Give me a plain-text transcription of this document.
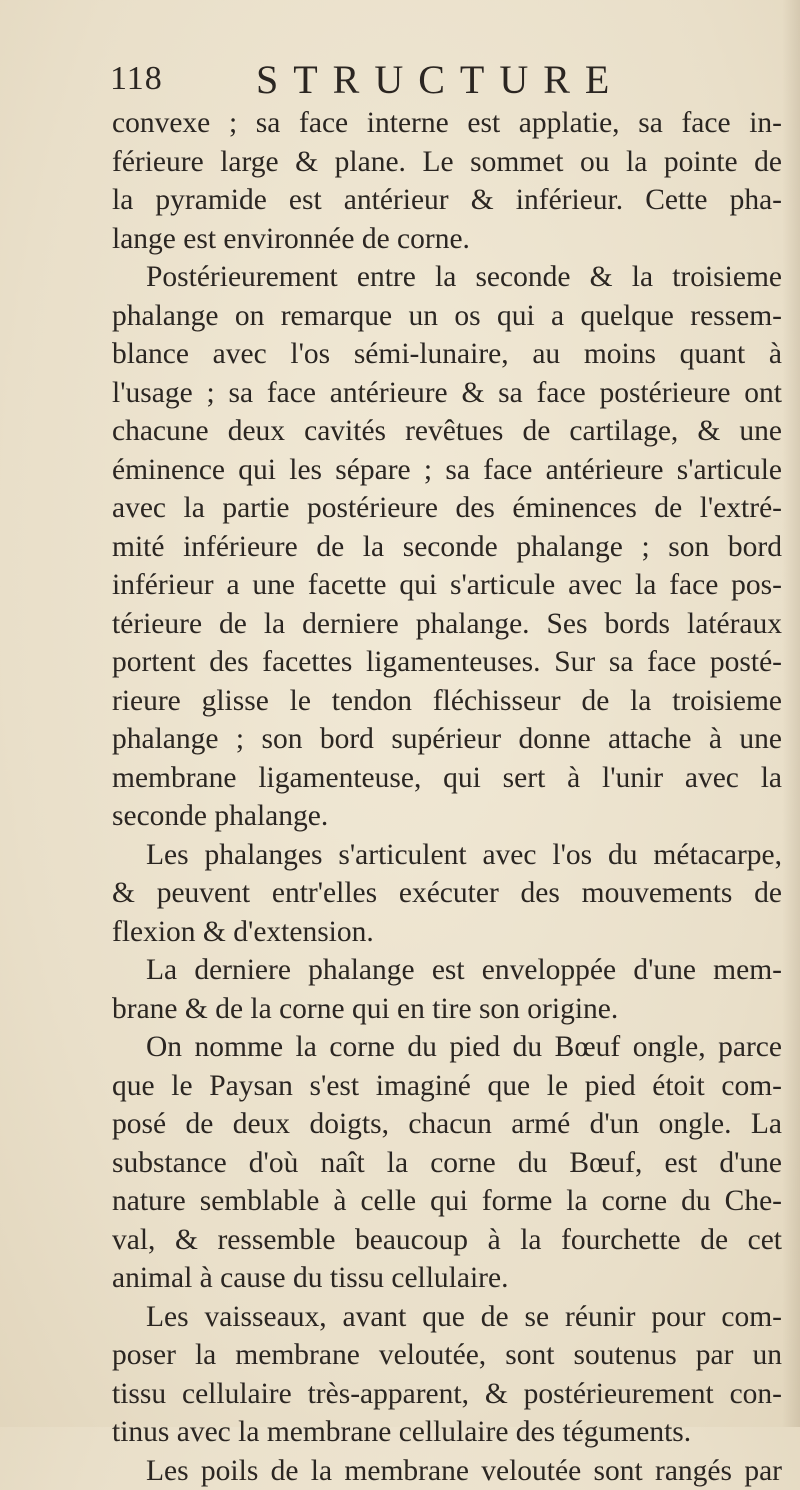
118 STRUCTURE
convexe ; sa face interne est applatie, sa face in-
férieure large & plane. Le sommet ou la pointe de
la pyramide est antérieur & inférieur. Cette pha-
lange est environnée de corne.
Postérieurement entre la seconde & la troisieme
phalange on remarque un os qui a quelque ressem-
blance avec l'os sémi-lunaire, au moins quant à
l'usage ; sa face antérieure & sa face postérieure ont
chacune deux cavités revêtues de cartilage, & une
éminence qui les sépare ; sa face antérieure s'articule
avec la partie postérieure des éminences de l'extré-
mité inférieure de la seconde phalange ; son bord
inférieur a une facette qui s'articule avec la face pos-
térieure de la derniere phalange. Ses bords latéraux
portent des facettes ligamenteuses. Sur sa face posté-
rieure glisse le tendon fléchisseur de la troisieme
phalange ; son bord supérieur donne attache à une
membrane ligamenteuse, qui sert à l'unir avec la
seconde phalange.
Les phalanges s'articulent avec l'os du métacarpe,
& peuvent entr'elles exécuter des mouvements de
flexion & d'extension.
La derniere phalange est enveloppée d'une mem-
brane & de la corne qui en tire son origine.
On nomme la corne du pied du Bœuf ongle, parce
que le Paysan s'est imaginé que le pied étoit com-
posé de deux doigts, chacun armé d'un ongle. La
substance d'où naît la corne du Bœuf, est d'une
nature semblable à celle qui forme la corne du Che-
val, & ressemble beaucoup à la fourchette de cet
animal à cause du tissu cellulaire.
Les vaisseaux, avant que de se réunir pour com-
poser la membrane veloutée, sont soutenus par un
tissu cellulaire très-apparent, & postérieurement con-
tinus avec la membrane cellulaire des téguments.
Les poils de la membrane veloutée sont rangés par
